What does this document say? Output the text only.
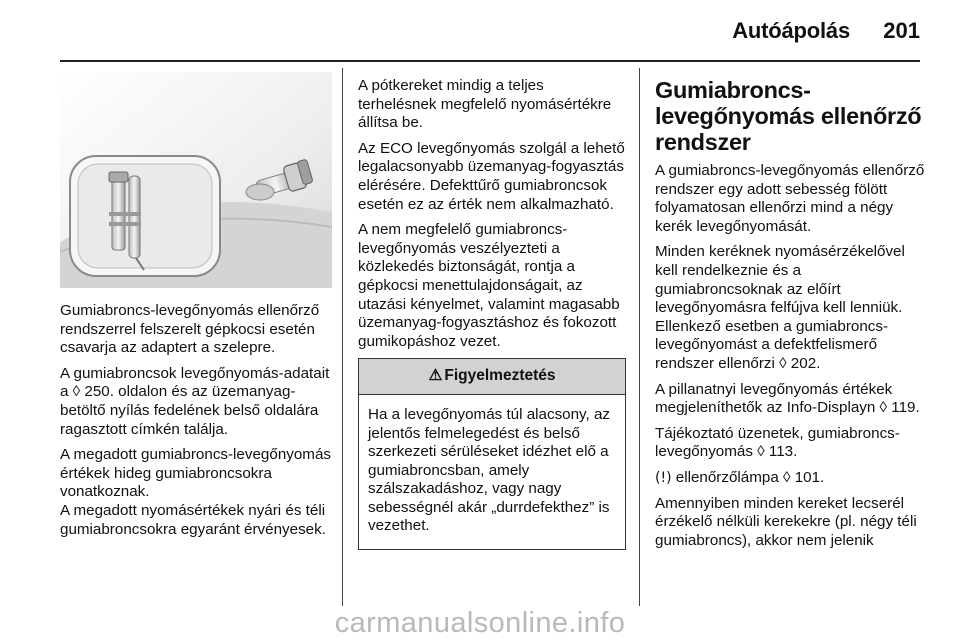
Autóápolás 201

Gumiabroncs-levegőnyomás ellenőrző rendszerrel felszerelt gépkocsi esetén csavarja az adaptert a szelepre.

A gumiabroncsok levegőnyomás-adatait a ◊ 250. oldalon és az üzemanyag-betöltő nyílás fedelének belső oldalára ragasztott címkén találja.

A megadott gumiabroncs-levegőnyomás értékek hideg gumiabroncsokra vonatkoznak.
A megadott nyomásértékek nyári és téli gumiabroncsokra egyaránt érvényesek.

A pótkereket mindig a teljes terhelésnek megfelelő nyomásértékre állítsa be.

Az ECO levegőnyomás szolgál a lehető legalacsonyabb üzemanyag-fogyasztás elérésére. Defekttűrő gumiabroncsok esetén ez az érték nem alkalmazható.

A nem megfelelő gumiabroncs-levegőnyomás veszélyezteti a közlekedés biztonságát, rontja a gépkocsi menettulajdonságait, az utazási kényelmet, valamint magasabb üzemanyag-fogyasztáshoz és fokozott gumikopáshoz vezet.

⚠ Figyelmeztetés
Ha a levegőnyomás túl alacsony, az jelentős felmelegedést és belső szerkezeti sérüléseket idézhet elő a gumiabroncsban, amely szálszakadáshoz, vagy nagy sebességnél akár „durrdefekthez” is vezethet.
Gumiabroncs-levegőnyomás ellenőrző rendszer

A gumiabroncs-levegőnyomás ellenőrző rendszer egy adott sebesség fölött folyamatosan ellenőrzi mind a négy kerék levegőnyomását.

Minden keréknek nyomásérzékelővel kell rendelkeznie és a gumiabroncsoknak az előírt levegőnyomásra felfújva kell lenniük. Ellenkező esetben a gumiabroncs-levegőnyomást a defektfelismerő rendszer ellenőrzi ◊ 202.

A pillanatnyi levegőnyomás értékek megjeleníthetők az Info-Displayn ◊ 119.

Tájékoztató üzenetek, gumiabroncs-levegőnyomás ◊ 113.

(!) ellenőrzőlámpa ◊ 101.

Amennyiben minden kereket lecserél érzékelő nélküli kerekekre (pl. négy téli gumiabroncs), akkor nem jelenik

carmanualsonline.info
